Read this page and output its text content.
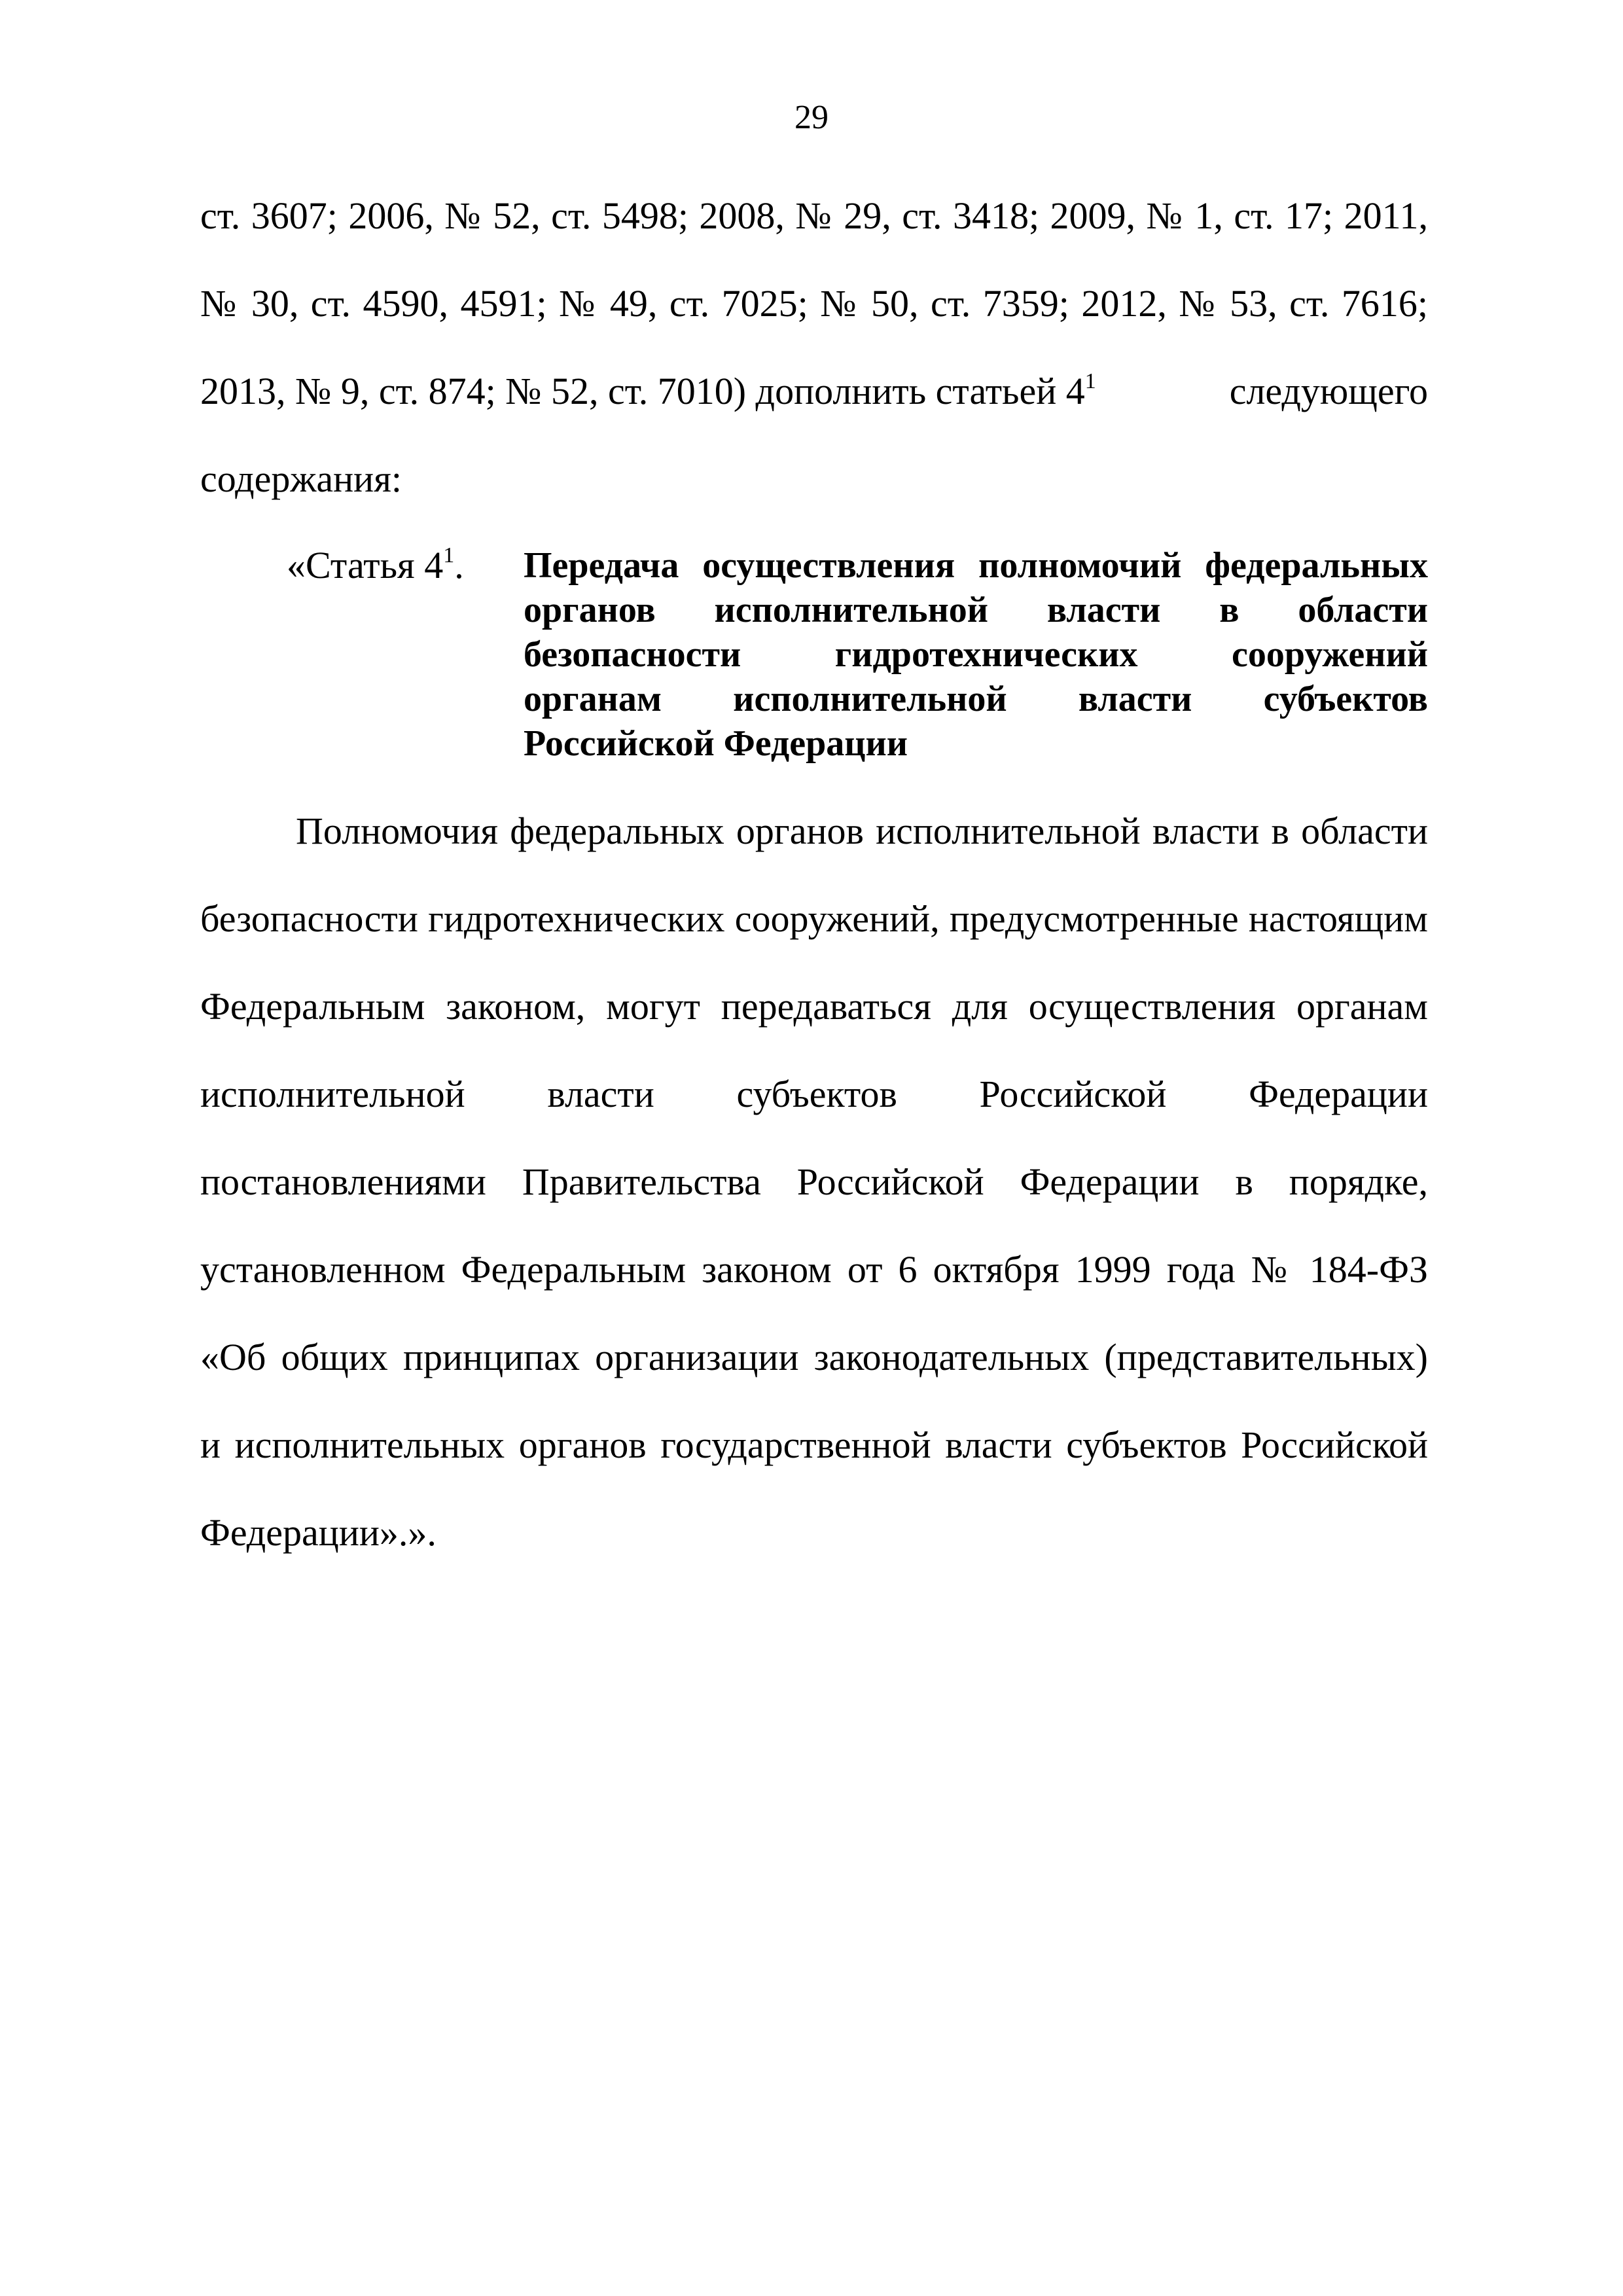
29
ст. 3607; 2006, № 52, ст. 5498; 2008, № 29, ст. 3418; 2009, № 1, ст. 17; 2011,
№ 30, ст. 4590, 4591; № 49, ст. 7025; № 50, ст. 7359; 2012, № 53, ст. 7616;
2013, № 9, ст. 874; № 52, ст. 7010) дополнить статьей $4^1$	следующего
содержания:
«Статья $4^1$. Передача осуществления полномочий федеральных
органов исполнительной власти в области
безопасности гидротехнических сооружений
органам исполнительной власти субъектов
Российской Федерации
Полномочия федеральных органов исполнительной власти в области
безопасности гидротехнических сооружений, предусмотренные настоящим
Федеральным законом, могут передаваться для осуществления органам
исполнительной власти субъектов Российской Федерации
постановлениями Правительства Российской Федерации в порядке,
установленном Федеральным законом от 6 октября 1999 года № 184-ФЗ
«Об общих принципах организации законодательных (представительных)
и исполнительных органов государственной власти субъектов Российской
Федерации».».
